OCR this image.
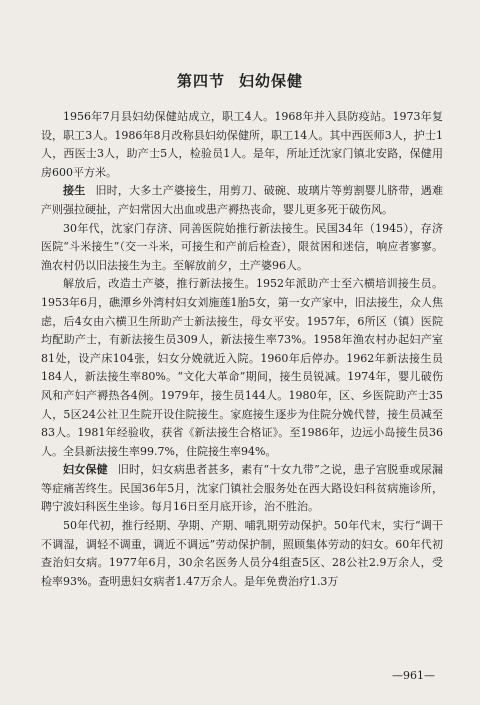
第四节 妇幼保健

1956年7月县妇幼保健站成立，职工4人。1968年并入县防疫站。1973年复设，职工3人。1986年8月改称县妇幼保健所，职工14人。其中西医师3人，护士1人，西医士3人，助产士5人，检验员1人。是年，所址迁沈家门镇北安路，保健用房600平方米。

接生 旧时，大多土产婆接生，用剪刀、破碗、玻璃片等剪割婴儿脐带，遇难产则强拉硬扯，产妇常因大出血或患产褥热丧命，婴儿更多死于破伤风。

30年代，沈家门存济、同善医院始推行新法接生。民国34年（1945），存济医院“斗米接生”（交一斗米，可接生和产前后检查），限贫困和迷信，响应者寥寥。渔农村仍以旧法接生为主。至解放前夕，土产婆96人。

解放后，改造土产婆，推行新法接生。1952年派助产士至六横培训接生员。1953年6月，礁潭乡外湾村妇女刘施莲1胎5女，第一女产家中，旧法接生，众人焦虑，后4女由六横卫生所助产士新法接生，母女平安。1957年，6所区（镇）医院均配助产士，有新法接生员309人，新法接生率73%。1958年渔农村办起妇产室81处，设产床104张，妇女分娩就近入院。1960年后停办。1962年新法接生员184人，新法接生率80%。“文化大革命”期间，接生员锐减。1974年，婴儿破伤风和产妇产褥热各4例。1979年，接生员144人。1980年，区、乡医院助产士35人，5区24公社卫生院开设住院接生。家庭接生逐步为住院分娩代替，接生员减至83人。1981年经验收，获省《新法接生合格证》。至1986年，边远小岛接生员36人。全县新法接生率99.7%，住院接生率94%。

妇女保健 旧时，妇女病患者甚多，素有“十女九带”之说，患子宫脱垂或尿漏等症痛苦终生。民国36年5月，沈家门镇社会服务处在西大路设妇科贫病施诊所，聘宁波妇科医生坐诊。每月16日至月底开诊，治不胜治。

50年代初，推行经期、孕期、产期、哺乳期劳动保护。50年代末，实行“调干不调湿，调轻不调重，调近不调远”劳动保护制，照顾集体劳动的妇女。60年代初查治妇女病。1977年6月，30余名医务人员分4组查5区、28公社2.9万余人，受检率93%。查明患妇女病者1.47万余人。是年免费治疗1.3万

—961—
